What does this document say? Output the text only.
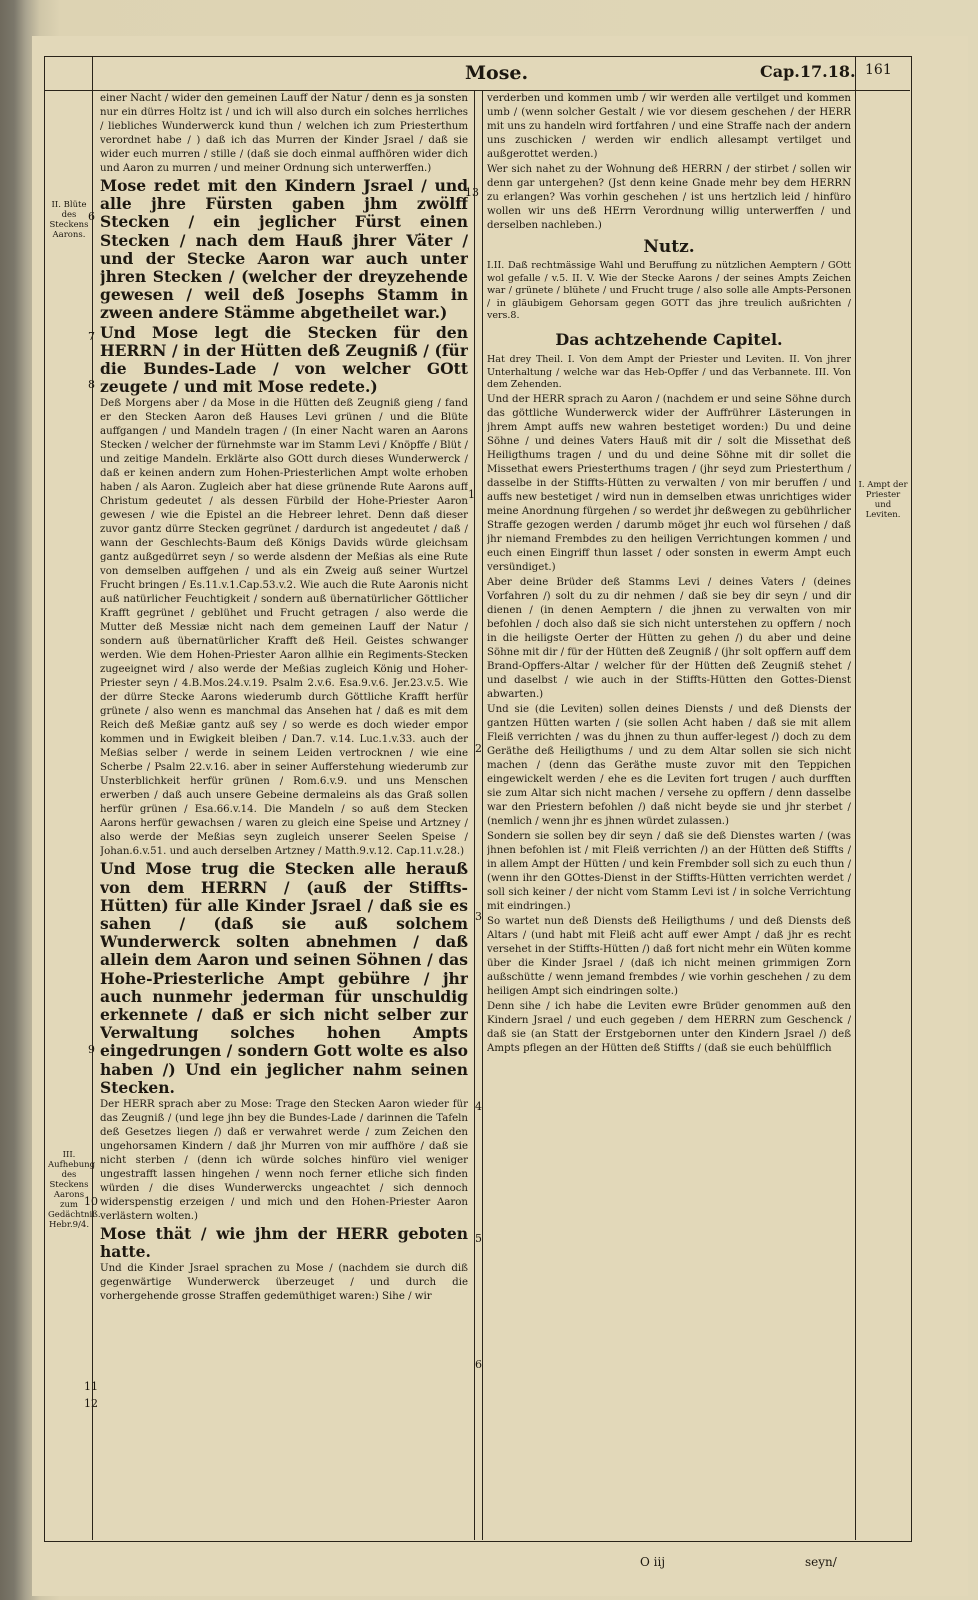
Mose.	Cap.17.18. 161
II. Blüte des Steckens Aarons.
III. Aufhebung des Steckens Aarons zum Gedächtniß. Hebr.9/4.
I. Ampt der Priester und Leviten.
6
7
8
9
10
11
12
13
1
2
3
4
5
6

einer Nacht / wider den gemeinen Lauff der Natur / denn es ja sonsten nur ein dürres Holtz ist / und ich will also durch ein solches herrliches / liebliches Wunderwerck kund thun / welchen ich zum Priesterthum verordnet habe / ) daß ich das Murren der Kinder Jsrael / daß sie wider euch murren / stille / (daß sie doch einmal auffhören wider dich und Aaron zu murren / und meiner Ordnung sich unterwerffen.)

Mose redet mit den Kindern Jsrael / und alle jhre Fürsten gaben jhm zwölff Stecken / ein jeglicher Fürst einen Stecken / nach dem Hauß jhrer Väter / und der Stecke Aaron war auch unter jhren Stecken / (welcher der dreyzehende gewesen / weil deß Josephs Stamm in zween andere Stämme abgetheilet war.)

Und Mose legt die Stecken für den HERRN / in der Hütten deß Zeugniß / (für die Bundes-Lade / von welcher GOtt zeugete / und mit Mose redete.)

Deß Morgens aber / da Mose in die Hütten deß Zeugniß gieng / fand er den Stecken Aaron deß Hauses Levi grünen / und die Blüte auffgangen / und Mandeln tragen / (In einer Nacht waren an Aarons Stecken / welcher der fürnehmste war im Stamm Levi / Knöpffe / Blüt / und zeitige Mandeln. Erklärte also GOtt durch dieses Wunderwerck / daß er keinen andern zum Hohen-Priesterlichen Ampt wolte erhoben haben / als Aaron. Zugleich aber hat diese grünende Rute Aarons auff Christum gedeutet / als dessen Fürbild der Hohe-Priester Aaron gewesen / wie die Epistel an die Hebreer lehret. Denn daß dieser zuvor gantz dürre Stecken gegrünet / dardurch ist angedeutet / daß / wann der Geschlechts-Baum deß Königs Davids würde gleichsam gantz außgedürret seyn / so werde alsdenn der Meßias als eine Rute von demselben auffgehen / und als ein Zweig auß seiner Wurtzel Frucht bringen / Es.11.v.1.Cap.53.v.2. Wie auch die Rute Aaronis nicht auß natürlicher Feuchtigkeit / sondern auß übernatürlicher Göttlicher Krafft gegrünet / geblühet und Frucht getragen / also werde die Mutter deß Messiæ nicht nach dem gemeinen Lauff der Natur / sondern auß übernatürlicher Krafft deß Heil. Geistes schwanger werden. Wie dem Hohen-Priester Aaron allhie ein Regiments-Stecken zugeeignet wird / also werde der Meßias zugleich König und Hoher-Priester seyn / 4.B.Mos.24.v.19. Psalm 2.v.6. Esa.9.v.6. Jer.23.v.5. Wie der dürre Stecke Aarons wiederumb durch Göttliche Krafft herfür grünete / also wenn es manchmal das Ansehen hat / daß es mit dem Reich deß Meßiæ gantz auß sey / so werde es doch wieder empor kommen und in Ewigkeit bleiben / Dan.7. v.14. Luc.1.v.33. auch der Meßias selber / werde in seinem Leiden vertrocknen / wie eine Scherbe / Psalm 22.v.16. aber in seiner Aufferstehung wiederumb zur Unsterblichkeit herfür grünen / Rom.6.v.9. und uns Menschen erwerben / daß auch unsere Gebeine dermaleins als das Graß sollen herfür grünen / Esa.66.v.14. Die Mandeln / so auß dem Stecken Aarons herfür gewachsen / waren zu gleich eine Speise und Artzney / also werde der Meßias seyn zugleich unserer Seelen Speise / Johan.6.v.51. und auch derselben Artzney / Matth.9.v.12. Cap.11.v.28.)

Und Mose trug die Stecken alle herauß von dem HERRN / (auß der Stiffts-Hütten) für alle Kinder Jsrael / daß sie es sahen / (daß sie auß solchem Wunderwerck solten abnehmen / daß allein dem Aaron und seinen Söhnen / das Hohe-Priesterliche Ampt gebühre / jhr auch nunmehr jederman für unschuldig erkennete / daß er sich nicht selber zur Verwaltung solches hohen Ampts eingedrungen / sondern Gott wolte es also haben /) Und ein jeglicher nahm seinen Stecken.

Der HERR sprach aber zu Mose: Trage den Stecken Aaron wieder für das Zeugniß / (und lege jhn bey die Bundes-Lade / darinnen die Tafeln deß Gesetzes liegen /) daß er verwahret werde / zum Zeichen den ungehorsamen Kindern / daß jhr Murren von mir auffhöre / daß sie nicht sterben / (denn ich würde solches hinfüro viel weniger ungestrafft lassen hingehen / wenn noch ferner etliche sich finden würden / die dises Wunderwercks ungeachtet / sich dennoch widerspenstig erzeigen / und mich und den Hohen-Priester Aaron verlästern wolten.)

Mose thät / wie jhm der HERR geboten hatte.

Und die Kinder Jsrael sprachen zu Mose / (nachdem sie durch diß gegenwärtige Wunderwerck überzeuget / und durch die vorhergehende grosse Straffen gedemüthiget waren:) Sihe / wir

verderben und kommen umb / wir werden alle vertilget und kommen umb / (wenn solcher Gestalt / wie vor diesem geschehen / der HERR mit uns zu handeln wird fortfahren / und eine Straffe nach der andern uns zuschicken / werden wir endlich allesampt vertilget und außgerottet werden.)

Wer sich nahet zu der Wohnung deß HERRN / der stirbet / sollen wir denn gar untergehen? (Jst denn keine Gnade mehr bey dem HERRN zu erlangen? Was vorhin geschehen / ist uns hertzlich leid / hinfüro wollen wir uns deß HErrn Verordnung willig unterwerffen / und derselben nachleben.)

Nutz.

I.II. Daß rechtmässige Wahl und Beruffung zu nützlichen Aemptern / GOtt wol gefalle / v.5. II. V. Wie der Stecke Aarons / der seines Ampts Zeichen war / grünete / blühete / und Frucht truge / also solle alle Ampts-Personen / in gläubigem Gehorsam gegen GOTT das jhre treulich außrichten / vers.8.

Das achtzehende Capitel.

Hat drey Theil. I. Von dem Ampt der Priester und Leviten. II. Von jhrer Unterhaltung / welche war das Heb-Opffer / und das Verbannete. III. Von dem Zehenden.

Und der HERR sprach zu Aaron / (nachdem er und seine Söhne durch das göttliche Wunderwerck wider der Auffrührer Lästerungen in jhrem Ampt auffs new wahren bestetiget worden:) Du und deine Söhne / und deines Vaters Hauß mit dir / solt die Missethat deß Heiligthums tragen / und du und deine Söhne mit dir sollet die Missethat ewers Priesterthums tragen / (jhr seyd zum Priesterthum / dasselbe in der Stiffts-Hütten zu verwalten / von mir beruffen / und auffs new bestetiget / wird nun in demselben etwas unrichtiges wider meine Anordnung fürgehen / so werdet jhr deßwegen zu gebührlicher Straffe gezogen werden / darumb möget jhr euch wol fürsehen / daß jhr niemand Frembdes zu den heiligen Verrichtungen kommen / und euch einen Eingriff thun lasset / oder sonsten in ewerm Ampt euch versündiget.)

Aber deine Brüder deß Stamms Levi / deines Vaters / (deines Vorfahren /) solt du zu dir nehmen / daß sie bey dir seyn / und dir dienen / (in denen Aemptern / die jhnen zu verwalten von mir befohlen / doch also daß sie sich nicht unterstehen zu opffern / noch in die heiligste Oerter der Hütten zu gehen /) du aber und deine Söhne mit dir / für der Hütten deß Zeugniß / (jhr solt opffern auff dem Brand-Opffers-Altar / welcher für der Hütten deß Zeugniß stehet / und daselbst / wie auch in der Stiffts-Hütten den Gottes-Dienst abwarten.)

Und sie (die Leviten) sollen deines Diensts / und deß Diensts der gantzen Hütten warten / (sie sollen Acht haben / daß sie mit allem Fleiß verrichten / was du jhnen zu thun auffer-legest /) doch zu dem Geräthe deß Heiligthums / und zu dem Altar sollen sie sich nicht machen / (denn das Geräthe muste zuvor mit den Teppichen eingewickelt werden / ehe es die Leviten fort trugen / auch durfften sie zum Altar sich nicht machen / versehe zu opffern / denn dasselbe war den Priestern befohlen /) daß nicht beyde sie und jhr sterbet / (nemlich / wenn jhr es jhnen würdet zulassen.)

Sondern sie sollen bey dir seyn / daß sie deß Dienstes warten / (was jhnen befohlen ist / mit Fleiß verrichten /) an der Hütten deß Stiffts / in allem Ampt der Hütten / und kein Frembder soll sich zu euch thun / (wenn ihr den GOttes-Dienst in der Stiffts-Hütten verrichten werdet / soll sich keiner / der nicht vom Stamm Levi ist / in solche Verrichtung mit eindringen.)

So wartet nun deß Diensts deß Heiligthums / und deß Diensts deß Altars / (und habt mit Fleiß acht auff ewer Ampt / daß jhr es recht versehet in der Stiffts-Hütten /) daß fort nicht mehr ein Wüten komme über die Kinder Jsrael / (daß ich nicht meinen grimmigen Zorn außschütte / wenn jemand frembdes / wie vorhin geschehen / zu dem heiligen Ampt sich eindringen solte.)

Denn sihe / ich habe die Leviten ewre Brüder genommen auß den Kindern Jsrael / und euch gegeben / dem HERRN zum Geschenck / daß sie (an Statt der Erstgebornen unter den Kindern Jsrael /) deß Ampts pflegen an der Hütten deß Stiffts / (daß sie euch behülfflich

O iij	seyn/
